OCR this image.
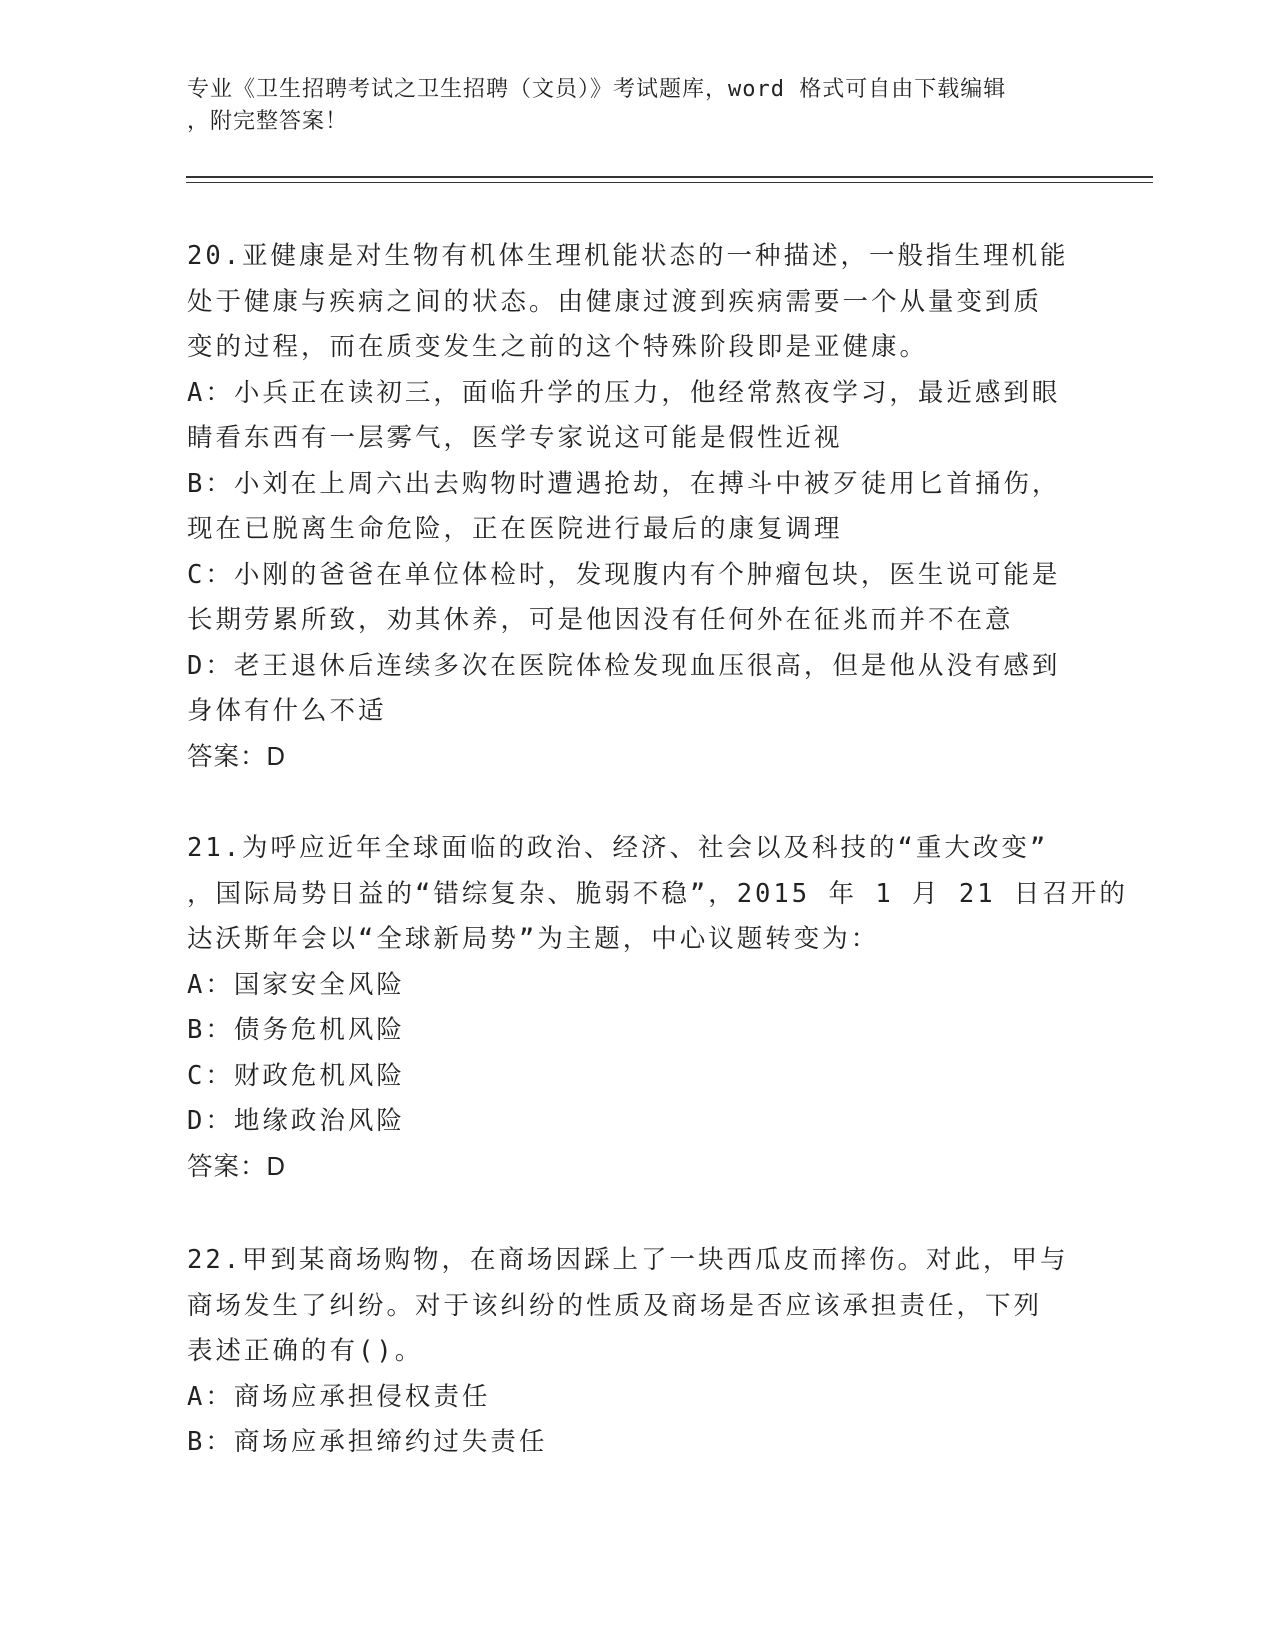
专业《卫生招聘考试之卫生招聘（文员）》考试题库，word 格式可自由下载编辑
，附完整答案！
20.亚健康是对生物有机体生理机能状态的一种描述，一般指生理机能
处于健康与疾病之间的状态。由健康过渡到疾病需要一个从量变到质
变的过程，而在质变发生之前的这个特殊阶段即是亚健康。
A：小兵正在读初三，面临升学的压力，他经常熬夜学习，最近感到眼睛看东西有一层雾气，医学专家说这可能是假性近视
B：小刘在上周六出去购物时遭遇抢劫，在搏斗中被歹徒用匕首捅伤，现在已脱离生命危险，正在医院进行最后的康复调理
C：小刚的爸爸在单位体检时，发现腹内有个肿瘤包块，医生说可能是长期劳累所致，劝其休养，可是他因没有任何外在征兆而并不在意
D：老王退休后连续多次在医院体检发现血压很高，但是他从没有感到身体有什么不适
答案：D
21.为呼应近年全球面临的政治、经济、社会以及科技的“重大改变”
，国际局势日益的“错综复杂、脆弱不稳”，2015 年 1 月 21 日召开的
达沃斯年会以“全球新局势”为主题，中心议题转变为：
A：国家安全风险
B：债务危机风险
C：财政危机风险
D：地缘政治风险
答案：D
22.甲到某商场购物，在商场因踩上了一块西瓜皮而摔伤。对此，甲与
商场发生了纠纷。对于该纠纷的性质及商场是否应该承担责任，下列
表述正确的有()。
A：商场应承担侵权责任
B：商场应承担缔约过失责任
